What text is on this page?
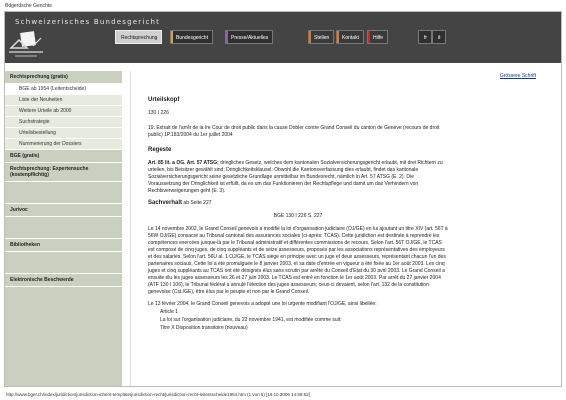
Bdgerdsche Gerichte
Schweizerisches Bundesgericht
Rechtsprechung	Bundesgericht	Presse/Aktuelles	Stellen	Kontakt	Hilfe	fr	it
Rechtsprechung (gratis)
BGE ab 1954 (Leitentscheide)
Liste der Neuheiten
Weitere Urteile ab 2000
Suchstrategie
Urteilsbestellung
Nummerierung der Dossiers
BGE (gratis)
Rechtsprechung: Expertensuche (kostenpflichtig)
Jurivoc
Bibliotheken
Elektronische Beschwerde
Grössere Schrift
Urteilskopf

130 I 226

19. Extrait de l'arrêt de la Ire Cour de droit public dans la cause Dobler contre Grand Conseil du canton de Genève (recours de droit public) 1P.183/2004 du 1er juillet 2004

Regeste

Art. 85 lit. a OG. Art. 57 ATSG; dringliches Gesetz, welches dem kantonalen Sozialversicherungsgericht erlaubt, mit drei Richtern zu urteilen, bis Beisitzer gewählt sind; Dringlichkeitsklausel. Obwohl die Kantonsverfassung dies erlaubt, findet das kantonale Sozialversicherungsgericht seine gesetzliche Grundlage unmittelbar im Bundesrecht, nämlich in Art. 57 ATSG (E. 2). Die Voraussetzung der Dringlichkeit ist erfüllt, da es um das Funktionieren der Rechtspflege und damit um das Verhindern von Rechtsverweigerungen geht (E. 3).

Sachverhalt ab Seite 227

BGE 130 I 226 S. 227

Le 14 novembre 2002, le Grand Conseil genevois a modifié la loi d'organisation judiciaire (OJ/GE) en lui ajoutant un titre XIV (art. 56T à 56W OJ/GE) consacré au Tribunal cantonal des assurances sociales (ci-après: TCAS). Cette juridiction est destinée à reprendre les compétences exercées jusque-là par le Tribunal administratif et différentes commissions de recours. Selon l'art. 56T OJ/GE, le TCAS est composé de cinq juges, de cinq suppléants et de seize assesseurs, proposés par les associations représentatives des employeurs et des salariés. Selon l'art. 56U al. 1 OJ/GE, le TCAS siège en principe avec un juge et deux assesseurs, représentant chacun l'un des partenaires sociaux. Cette loi a été promulguée le 8 janvier 2003, et sa date d'entrée en vigueur a été fixée au 1er août 2003. Les cinq juges et cinq suppléants au TCAS ont été désignés élus sans scrutin par arrêté du Conseil d'Etat du 30 avril 2003. Le Grand Conseil a ensuite élu les juges assesseurs les 26 et 27 juin 2003. Le TCAS est entré en fonction le 1er août 2003. Par arrêt du 27 janvier 2004 (ATF 130 I 106), le Tribunal fédéral a annulé l'élection des juges assesseurs; ceux-ci devaient, selon l'art. 132 de la constitution genevoise (Cst./GE), être élus par le peuple et non par le Grand Conseil.

Le 13 février 2004, le Grand Conseil genevois a adopté une loi urgente modifiant l'OJ/GE, ainsi libellée:

Article 1

La loi sur l'organisation judiciaire, du 22 novembre 1941, est modifiée comme suit:

Titre X Disposition transitoire (nouveau)

http://www.bger.ch/index/juridiction/jurisdiction-inherit-template/jurisdiction-recht/jurisdiction-recht-leitentscheide1954.htm (1 von 6) [16.10.2006 14:59:52]
